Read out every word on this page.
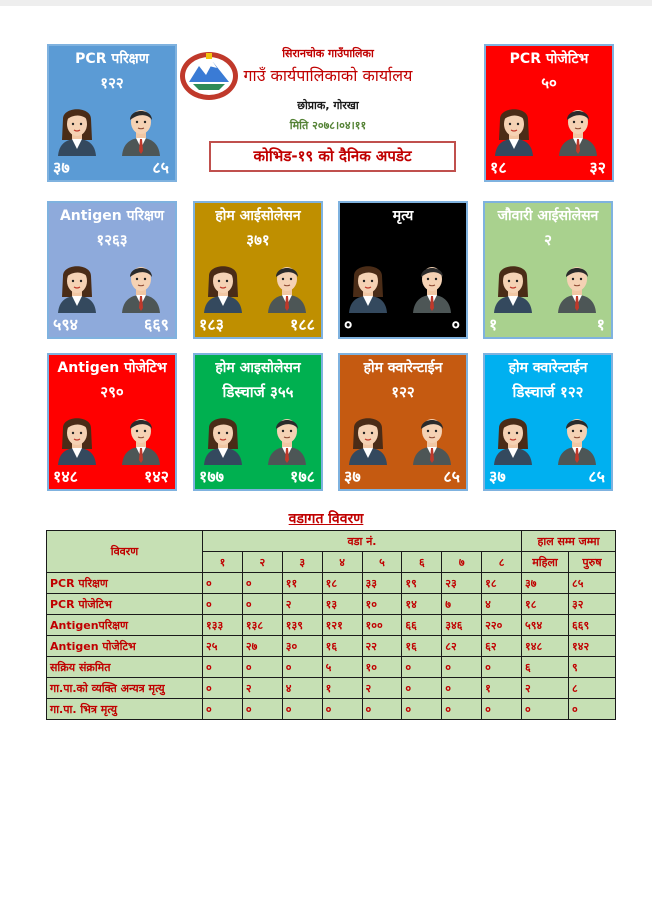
सिरानचोक गाउँपालिका
गाउँ कार्यपालिकाको कार्यालय
छोप्राक, गोरखा
मिति २०७८।०४।११
कोभिड-१९ को दैनिक अपडेट
PCR परिक्षण
१२२
३७	८५
PCR पोजेटिभ
५०
१८	३२
Antigen परिक्षण
१२६३
५९४	६६९
होम आईसोलेसन
३७१
१८३	१८८
मृत्य
०	०
जौवारी आईसोलेसन
२
१	१
Antigen पोजेटिभ
२९०
१४८	१४२
होम आइसोलेसन
डिस्चार्ज ३५५
१७७	१७८
होम क्वारेन्टाईन
१२२
३७	८५
होम क्वारेन्टाईन
डिस्चार्ज १२२
३७	८५
वडागत विवरण
विवरण	वडा नं.								हाल सम्म जम्मा	
	१	२	३	४	५	६	७	८	महिला	पुरुष
PCR परिक्षण	०	०	११	१८	३३	१९	२३	१८	३७	८५
PCR पोजेटिभ	०	०	२	१३	१०	१४	७	४	१८	३२
Antigenपरिक्षण	१३३	१३८	१३९	१२१	१००	६६	३४६	२२०	५९४	६६९
Antigen पोजेटिभ	२५	२७	३०	१६	२२	१६	८२	६२	१४८	१४२
सक्रिय संक्रमित	०	०	०	५	१०	०	०	०	६	९
गा.पा.को व्यक्ति अन्यत्र मृत्यु	०	२	४	१	२	०	०	१	२	८
गा.पा. भित्र मृत्यु	०	०	०	०	०	०	०	०	०	०
